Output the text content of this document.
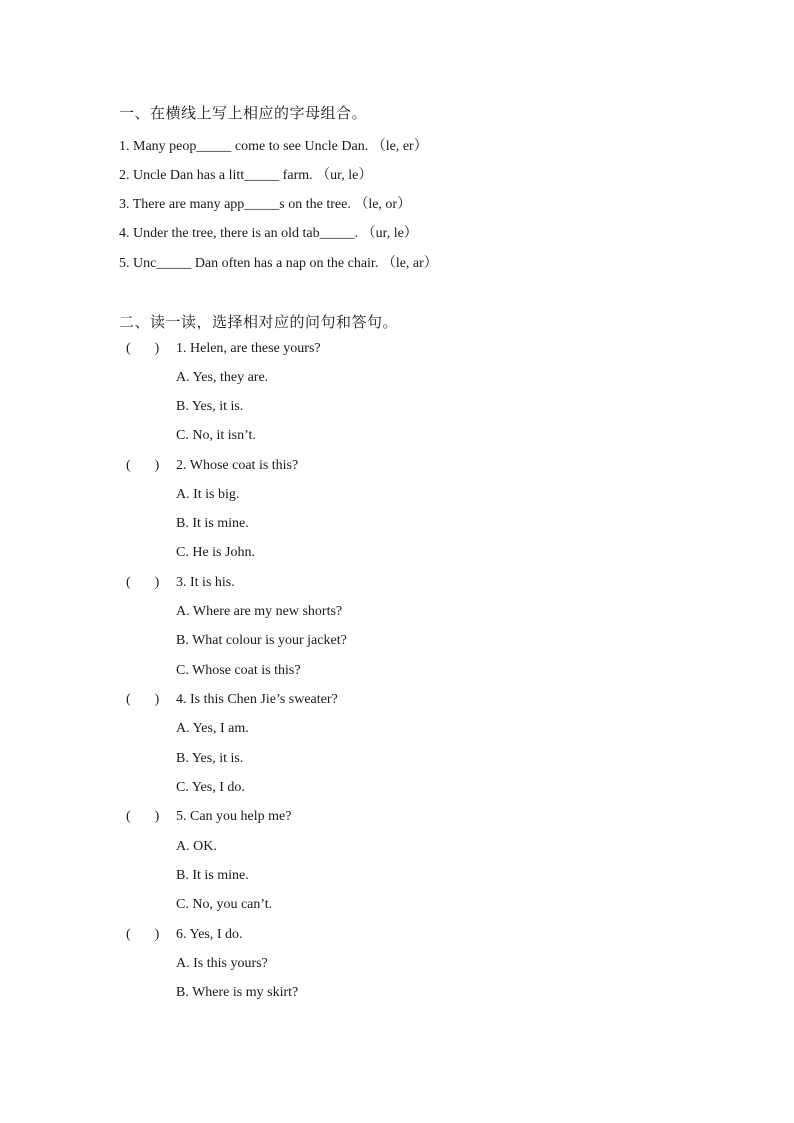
一、在横线上写上相应的字母组合。
1. Many peop_____ come to see Uncle Dan. （le, er）
2. Uncle Dan has a litt_____ farm. （ur, le）
3. There are many app_____s on the tree. （le, or）
4. Under the tree, there is an old tab_____. （ur, le）
5. Unc_____ Dan often has a nap on the chair. （le, ar）
二、读一读，选择相对应的问句和答句。
( ) 1. Helen, are these yours?
A. Yes, they are.
B. Yes, it is.
C. No, it isn’t.
( ) 2. Whose coat is this?
A. It is big.
B. It is mine.
C. He is John.
( ) 3. It is his.
A. Where are my new shorts?
B. What colour is your jacket?
C. Whose coat is this?
( ) 4. Is this Chen Jie’s sweater?
A. Yes, I am.
B. Yes, it is.
C. Yes, I do.
( ) 5. Can you help me?
A. OK.
B. It is mine.
C. No, you can’t.
( ) 6. Yes, I do.
A. Is this yours?
B. Where is my skirt?
